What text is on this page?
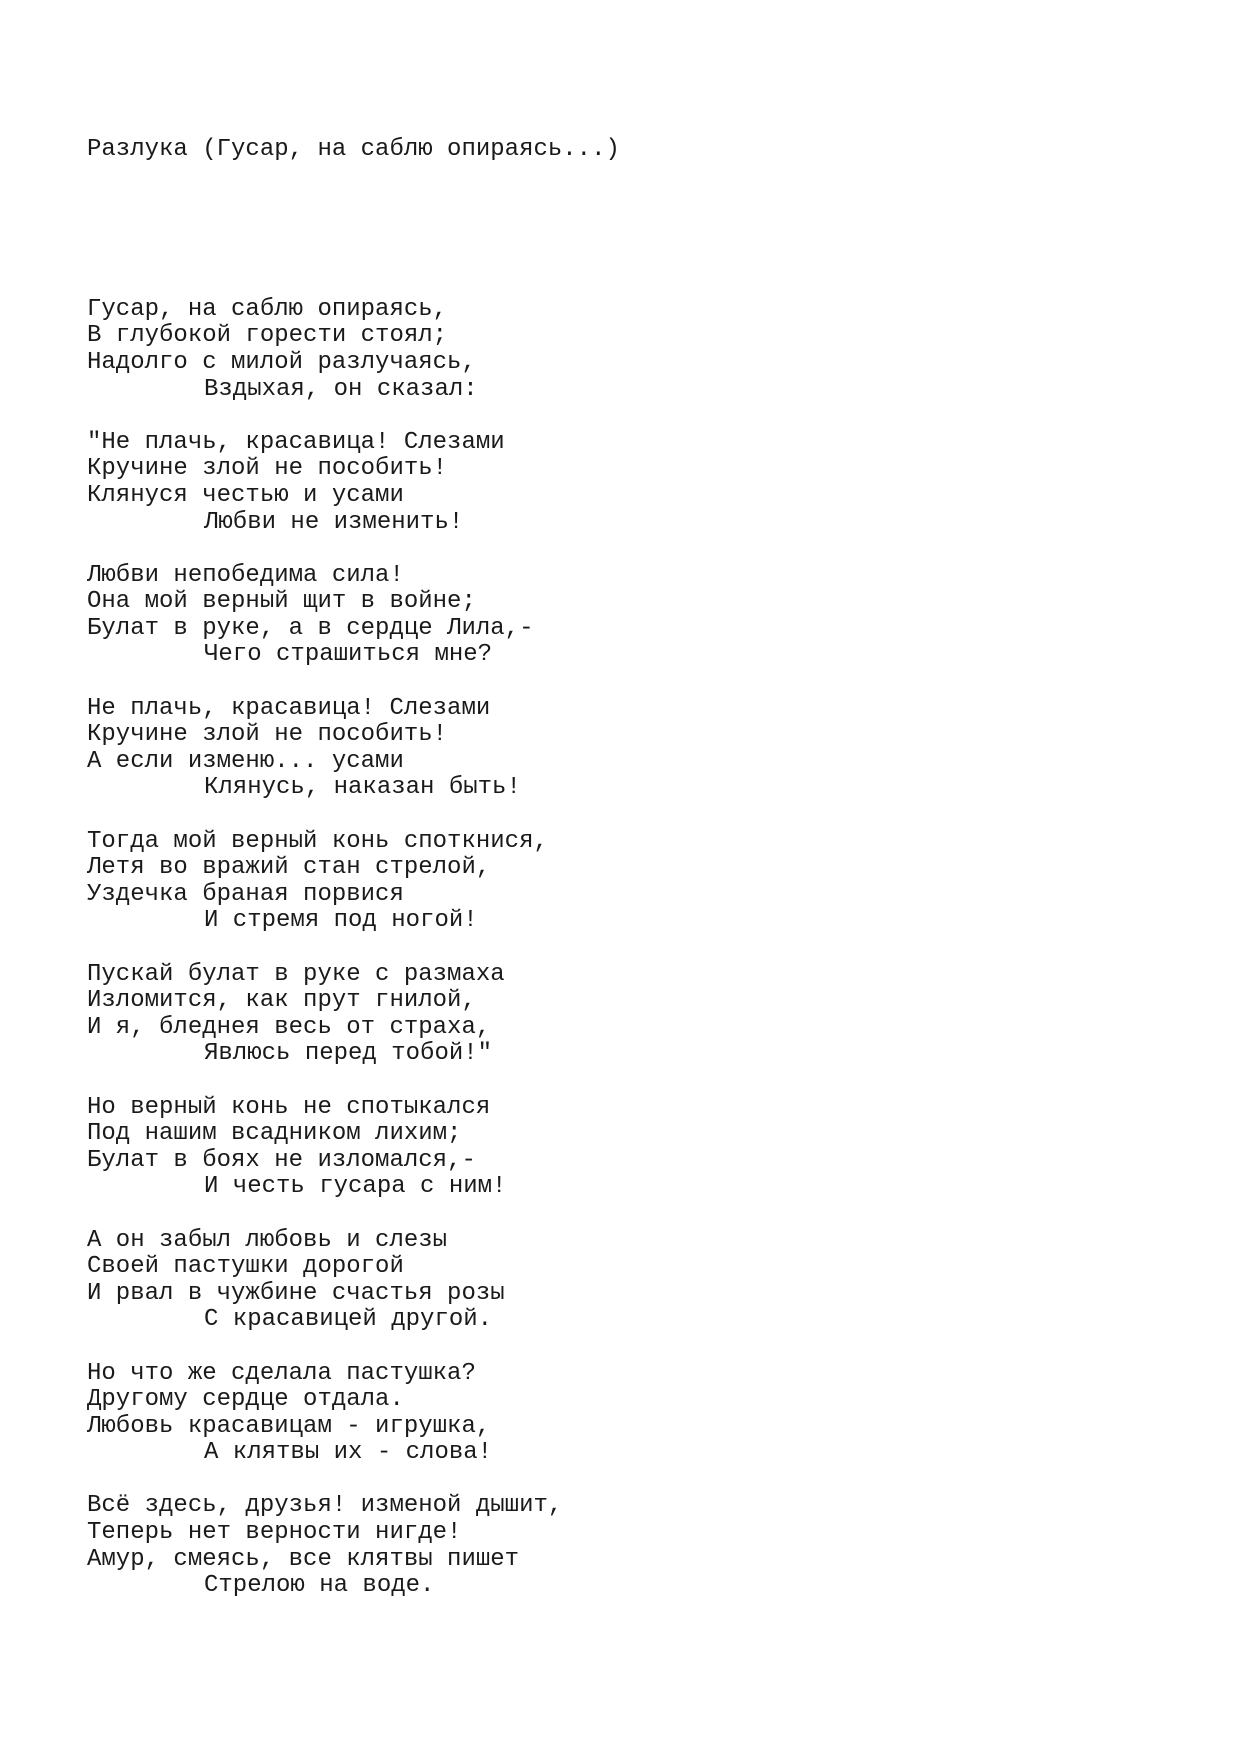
Разлука (Гусар, на саблю опираясь...)

Гусар, на саблю опираясь,
В глубокой горести стоял;
Надолго с милой разлучаясь,
Вздыхая, он сказал:
"Не плачь, красавица! Слезами
Кручине злой не пособить!
Клянуся честью и усами
Любви не изменить!
Любви непобедима сила!
Она мой верный щит в войне;
Булат в руке, а в сердце Лила,-
Чего страшиться мне?
Не плачь, красавица! Слезами
Кручине злой не пособить!
А если изменю... усами
Клянусь, наказан быть!
Тогда мой верный конь споткнися,
Летя во вражий стан стрелой,
Уздечка браная порвися
И стремя под ногой!
Пускай булат в руке с размаха
Изломится, как прут гнилой,
И я, бледнея весь от страха,
Явлюсь перед тобой!"
Но верный конь не спотыкался
Под нашим всадником лихим;
Булат в боях не изломался,-
И честь гусара с ним!
А он забыл любовь и слезы
Своей пастушки дорогой
И рвал в чужбине счастья розы
С красавицей другой.
Но что же сделала пастушка?
Другому сердце отдала.
Любовь красавицам - игрушка,
А клятвы их - слова!
Всё здесь, друзья! изменой дышит,
Теперь нет верности нигде!
Амур, смеясь, все клятвы пишет
Стрелою на воде.
